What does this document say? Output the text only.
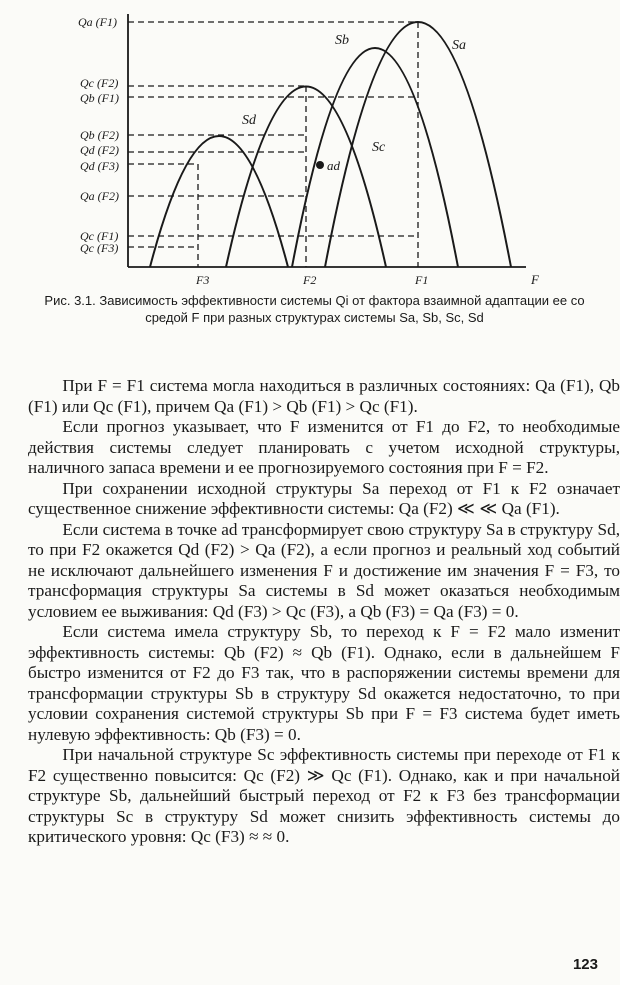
ad
Qa (F1)
Qc (F2)
Qb (F1)
Qb (F2)
Qd (F2)
Qd (F3)
Qa (F2)
Qc (F1)
Qc (F3)
F3	F2	F1	F
Sb	Sa
Sd
Sc
Рис. 3.1. Зависимость эффективности системы Qi от фактора взаимной адаптации ее со средой F при разных структурах системы Sa, Sb, Sc, Sd

При F = F1 система могла находиться в различных состояниях: Qa (F1), Qb (F1) или Qc (F1), причем Qa (F1) > Qb (F1) > Qc (F1).

Если прогноз указывает, что F изменится от F1 до F2, то необходимые действия системы следует планировать с учетом исходной структуры, наличного запаса времени и ее прогнозируемого состояния при F = F2.

При сохранении исходной структуры Sa переход от F1 к F2 означает существенное снижение эффективности системы: Qa (F2) ≪ ≪ Qa (F1).

Если система в точке ad трансформирует свою структуру Sa в структуру Sd, то при F2 окажется Qd (F2) > Qa (F2), а если прогноз и реальный ход событий не исключают дальнейшего изменения F и достижение им значения F = F3, то трансформация структуры Sa системы в Sd может оказаться необходимым условием ее выживания: Qd (F3) > Qc (F3), а Qb (F3) = Qa (F3) = 0.

Если система имела структуру Sb, то переход к F = F2 мало изменит эффективность системы: Qb (F2) ≈ Qb (F1). Однако, если в дальнейшем F быстро изменится от F2 до F3 так, что в распоряжении системы времени для трансформации структуры Sb в структуру Sd окажется недостаточно, то при условии сохранения системой структуры Sb при F = F3 система будет иметь нулевую эффективность: Qb (F3) = 0.

При начальной структуре Sc эффективность системы при переходе от F1 к F2 существенно повысится: Qc (F2) ≫ Qc (F1). Однако, как и при начальной структуре Sb, дальнейший быстрый переход от F2 к F3 без трансформации структуры Sc в структуру Sd может снизить эффективность системы до критического уровня: Qc (F3) ≈ ≈ 0.

123
